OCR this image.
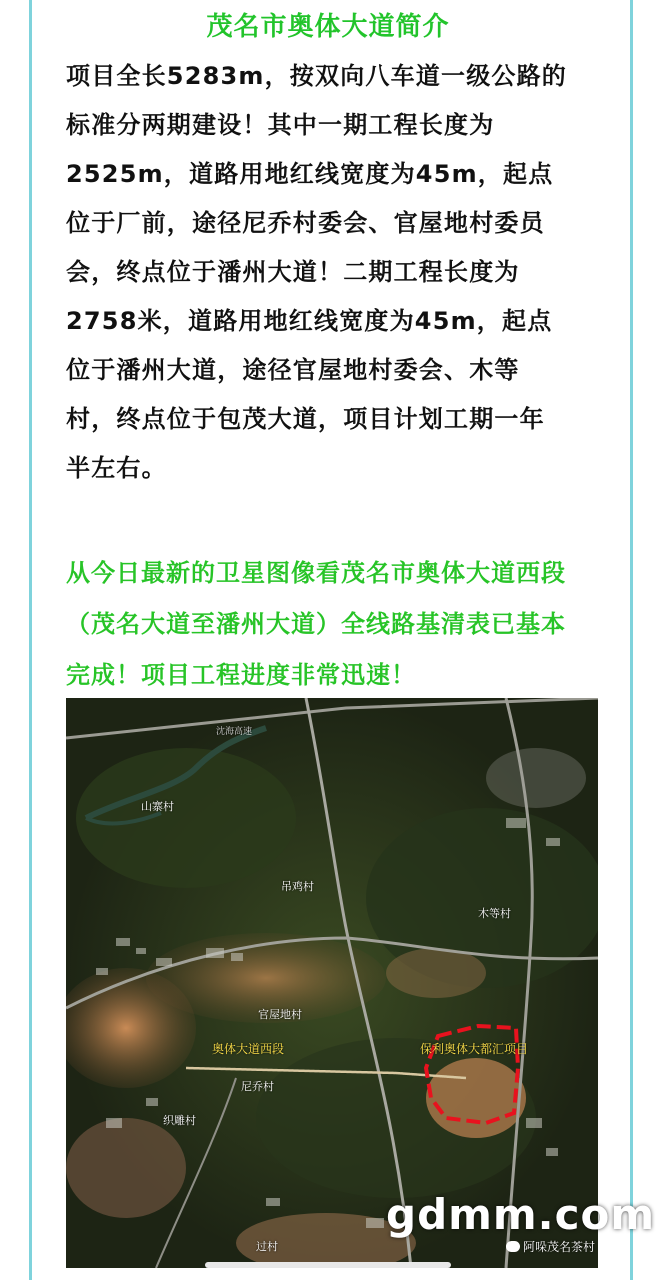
茂名市奥体大道简介
项目全长5283m，按双向八车道一级公路的
标准分两期建设！其中一期工程长度为
2525m，道路用地红线宽度为45m，起点
位于厂前，途径尼乔村委会、官屋地村委员
会，终点位于潘州大道！二期工程长度为
2758米，道路用地红线宽度为45m，起点
位于潘州大道，途径官屋地村委会、木等
村，终点位于包茂大道，项目计划工期一年
半左右。
从今日最新的卫星图像看茂名市奥体大道西段
（茂名大道至潘州大道）全线路基清表已基本
完成！项目工程进度非常迅速！
沈海高速
山寨村
吊鸡村
木等村
官屋地村
奥体大道西段	保利奥体大都汇项目
尼乔村
织雕村
过村
gdmm.com
阿哚茂名茶村
